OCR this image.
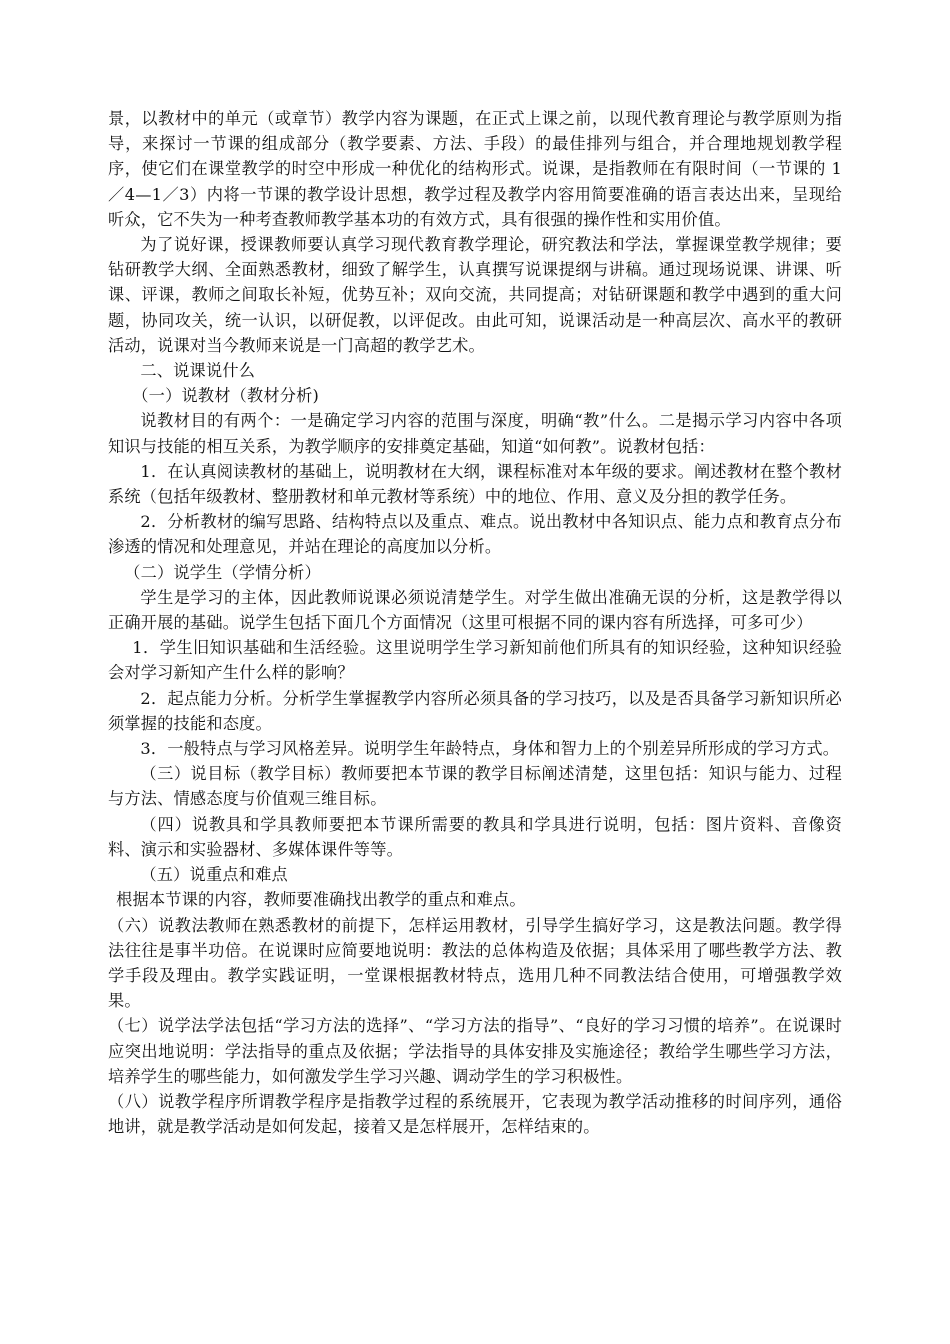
景，以教材中的单元（或章节）教学内容为课题，在正式上课之前，以现代教育理论与教学原则为指导，来探讨一节课的组成部分（教学要素、方法、手段）的最佳排列与组合，并合理地规划教学程序，使它们在课堂教学的时空中形成一种优化的结构形式。说课，是指教师在有限时间（一节课的 1／4—1／3）内将一节课的教学设计思想，教学过程及教学内容用简要准确的语言表达出来，呈现给听众，它不失为一种考查教师教学基本功的有效方式，具有很强的操作性和实用价值。

为了说好课，授课教师要认真学习现代教育教学理论，研究教法和学法，掌握课堂教学规律；要钻研教学大纲、全面熟悉教材，细致了解学生，认真撰写说课提纲与讲稿。通过现场说课、讲课、听课、评课，教师之间取长补短，优势互补；双向交流，共同提高；对钻研课题和教学中遇到的重大问题，协同攻关，统一认识，以研促教，以评促改。由此可知，说课活动是一种高层次、高水平的教研活动，说课对当今教师来说是一门高超的教学艺术。

二、说课说什么

（一）说教材（教材分析)

说教材目的有两个：一是确定学习内容的范围与深度，明确“教”什么。二是揭示学习内容中各项知识与技能的相互关系，为教学顺序的安排奠定基础，知道“如何教”。说教材包括：

1．在认真阅读教材的基础上，说明教材在大纲，课程标准对本年级的要求。阐述教材在整个教材系统（包括年级教材、整册教材和单元教材等系统）中的地位、作用、意义及分担的教学任务。

2．分析教材的编写思路、结构特点以及重点、难点。说出教材中各知识点、能力点和教育点分布渗透的情况和处理意见，并站在理论的高度加以分析。

（二）说学生（学情分析）

学生是学习的主体，因此教师说课必须说清楚学生。对学生做出准确无误的分析，这是教学得以正确开展的基础。说学生包括下面几个方面情况（这里可根据不同的课内容有所选择，可多可少）

1．学生旧知识基础和生活经验。这里说明学生学习新知前他们所具有的知识经验，这种知识经验会对学习新知产生什么样的影响？

2．起点能力分析。分析学生掌握教学内容所必须具备的学习技巧，以及是否具备学习新知识所必须掌握的技能和态度。

3．一般特点与学习风格差异。说明学生年龄特点，身体和智力上的个别差异所形成的学习方式。

（三）说目标（教学目标）教师要把本节课的教学目标阐述清楚，这里包括：知识与能力、过程与方法、情感态度与价值观三维目标。

（四）说教具和学具教师要把本节课所需要的教具和学具进行说明，包括：图片资料、音像资料、演示和实验器材、多媒体课件等等。

（五）说重点和难点

根据本节课的内容，教师要准确找出教学的重点和难点。

（六）说教法教师在熟悉教材的前提下，怎样运用教材，引导学生搞好学习，这是教法问题。教学得法往往是事半功倍。在说课时应简要地说明：教法的总体构造及依据；具体采用了哪些教学方法、教学手段及理由。教学实践证明，一堂课根据教材特点，选用几种不同教法结合使用，可增强教学效果。

（七）说学法学法包括“学习方法的选择”、“学习方法的指导”、“良好的学习习惯的培养”。在说课时应突出地说明：学法指导的重点及依据；学法指导的具体安排及实施途径；教给学生哪些学习方法，培养学生的哪些能力，如何激发学生学习兴趣、调动学生的学习积极性。

（八）说教学程序所谓教学程序是指教学过程的系统展开，它表现为教学活动推移的时间序列，通俗地讲，就是教学活动是如何发起，接着又是怎样展开，怎样结束的。
